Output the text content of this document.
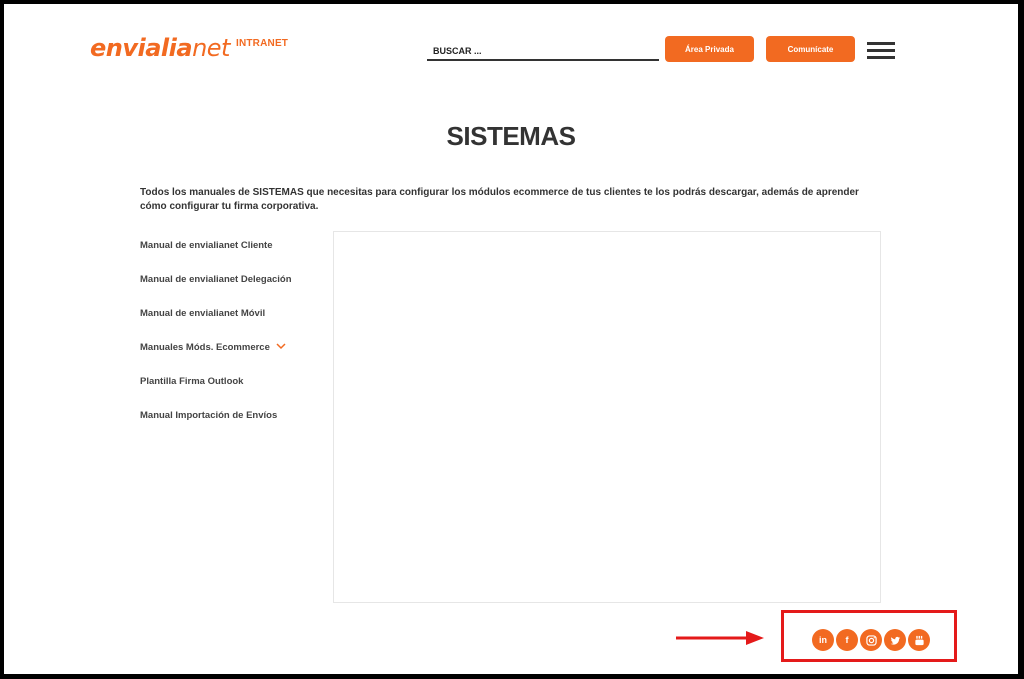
envialianet INTRANET
BUSCAR ...	Área Privada	Comunícate
SISTEMAS

Todos los manuales de SISTEMAS que necesitas para configurar los módulos ecommerce de tus clientes te los podrás descargar, además de aprender cómo configurar tu firma corporativa.

Manual de envialianet Cliente
Manual de envialianet Delegación
Manual de envialianet Móvil
Manuales Móds. Ecommerce
Plantilla Firma Outlook
Manual Importación de Envíos
in f
